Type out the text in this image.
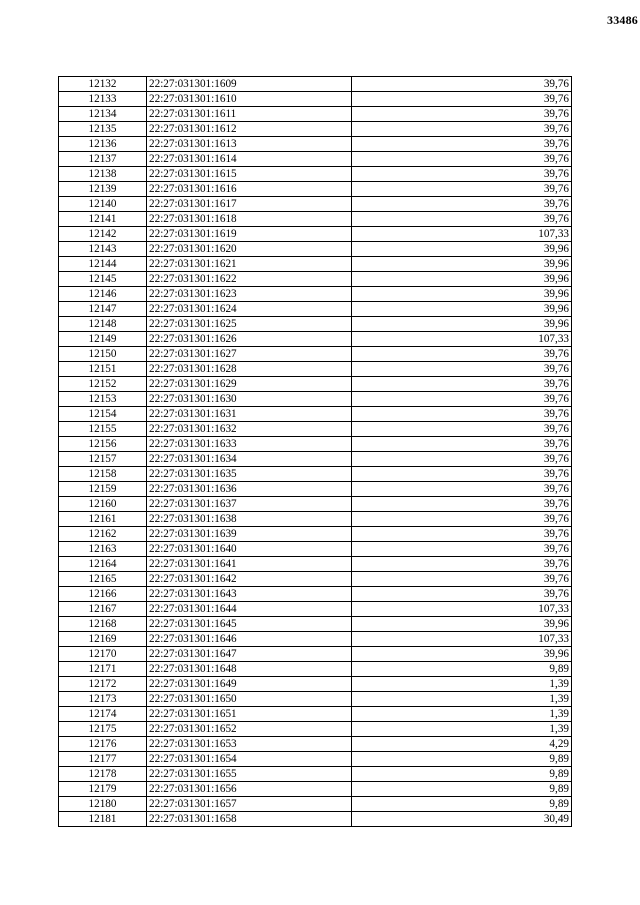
33486
12132	22:27:031301:1609	39,76
12133	22:27:031301:1610	39,76
12134	22:27:031301:1611	39,76
12135	22:27:031301:1612	39,76
12136	22:27:031301:1613	39,76
12137	22:27:031301:1614	39,76
12138	22:27:031301:1615	39,76
12139	22:27:031301:1616	39,76
12140	22:27:031301:1617	39,76
12141	22:27:031301:1618	39,76
12142	22:27:031301:1619	107,33
12143	22:27:031301:1620	39,96
12144	22:27:031301:1621	39,96
12145	22:27:031301:1622	39,96
12146	22:27:031301:1623	39,96
12147	22:27:031301:1624	39,96
12148	22:27:031301:1625	39,96
12149	22:27:031301:1626	107,33
12150	22:27:031301:1627	39,76
12151	22:27:031301:1628	39,76
12152	22:27:031301:1629	39,76
12153	22:27:031301:1630	39,76
12154	22:27:031301:1631	39,76
12155	22:27:031301:1632	39,76
12156	22:27:031301:1633	39,76
12157	22:27:031301:1634	39,76
12158	22:27:031301:1635	39,76
12159	22:27:031301:1636	39,76
12160	22:27:031301:1637	39,76
12161	22:27:031301:1638	39,76
12162	22:27:031301:1639	39,76
12163	22:27:031301:1640	39,76
12164	22:27:031301:1641	39,76
12165	22:27:031301:1642	39,76
12166	22:27:031301:1643	39,76
12167	22:27:031301:1644	107,33
12168	22:27:031301:1645	39,96
12169	22:27:031301:1646	107,33
12170	22:27:031301:1647	39,96
12171	22:27:031301:1648	9,89
12172	22:27:031301:1649	1,39
12173	22:27:031301:1650	1,39
12174	22:27:031301:1651	1,39
12175	22:27:031301:1652	1,39
12176	22:27:031301:1653	4,29
12177	22:27:031301:1654	9,89
12178	22:27:031301:1655	9,89
12179	22:27:031301:1656	9,89
12180	22:27:031301:1657	9,89
12181	22:27:031301:1658	30,49
